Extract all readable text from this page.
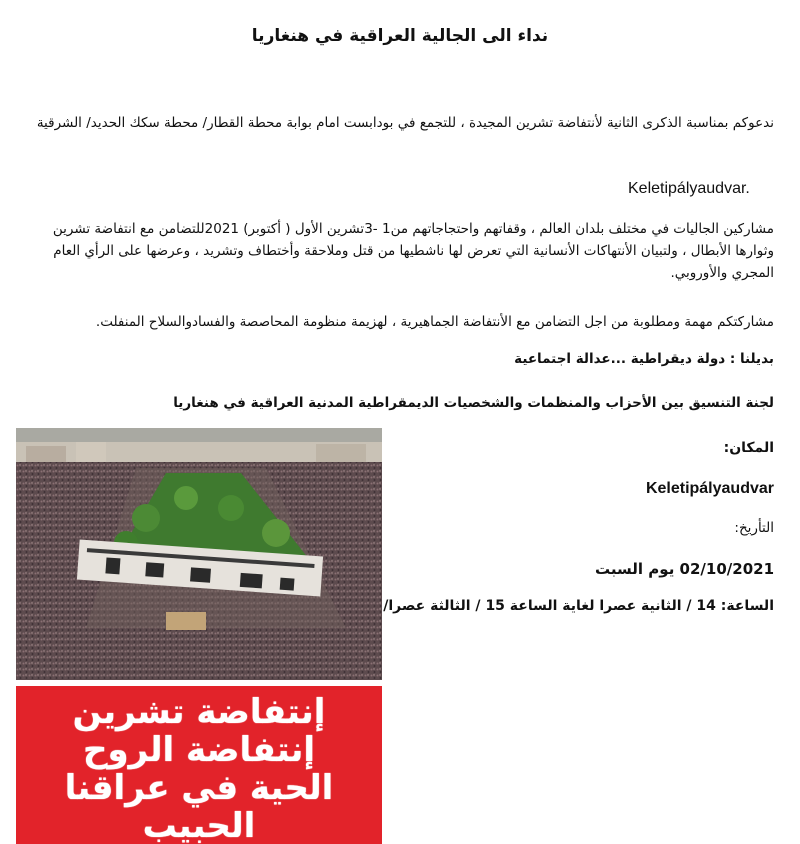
نداء الى الجالية العراقية في هنغاريا
ندعوكم بمناسبة الذكرى الثانية لأنتفاضة تشرين المجيدة ، للتجمع في بودابست امام بوابة محطة القطار/ محطة سكك الحديد/ الشرقية
Keletipályaudvar.
مشاركين الجاليات في مختلف بلدان العالم ، وقفاتهم واحتجاجاتهم من1 -3تشرين الأول ( أكتوبر) 2021للتضامن مع انتفاضة تشرين وثوارها الأبطال ، ولتبيان الأنتهاكات الأنسانية التي تعرض لها ناشطيها من قتل وملاحقة وأختطاف وتشريد ، وعرضها على الرأي العام المجري والأوروبي.
مشاركتكم مهمة ومطلوبة من اجل التضامن مع الأنتفاضة الجماهيرية ، لهزيمة منظومة المحاصصة والفسادوالسلاح المنفلت.
بديلنا : دولة ديقراطية ...عدالة اجتماعية
لجنة التنسيق بين الأحزاب والمنظمات والشخصيات الديمقراطية المدنية العراقية في هنغاريا
المكان:
Keletipályaudvar
التأريخ:
02/10/2021 يوم السبت
الساعة: 14 / الثانية عصرا لغاية الساعة 15 / الثالثة عصرا/
إنتفاضة تشرين
إنتفاضة الروح
الحية في عراقنا
الحبيب
